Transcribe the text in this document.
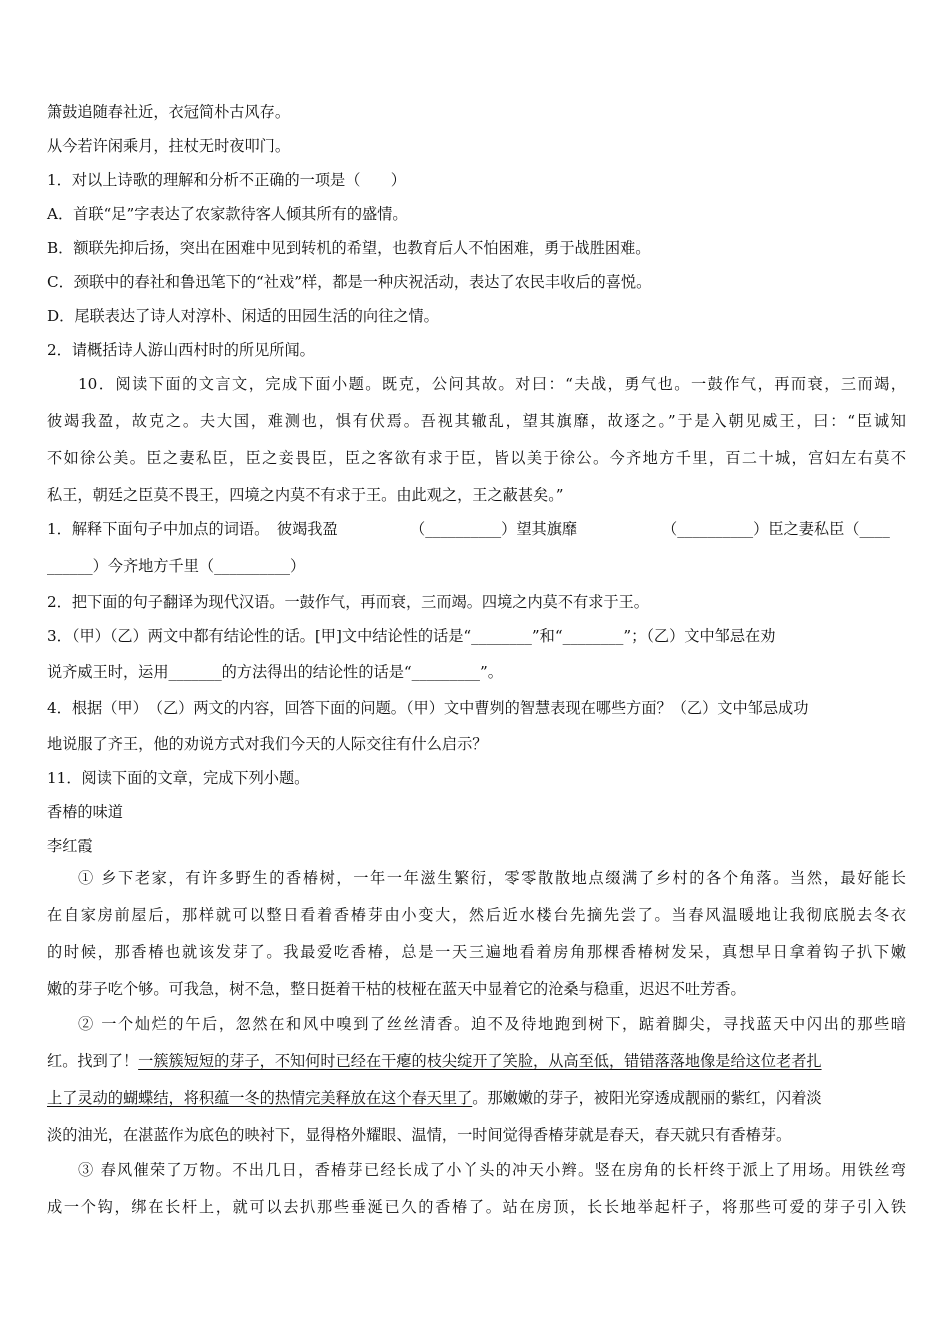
箫鼓追随春社近，衣冠简朴古风存。
从今若许闲乘月，拄杖无时夜叩门。
1．对以上诗歌的理解和分析不正确的一项是（　　）
A．首联“足”字表达了农家款待客人倾其所有的盛情。
B．额联先抑后扬，突出在困难中见到转机的希望，也教育后人不怕困难，勇于战胜困难。
C．颈联中的春社和鲁迅笔下的“社戏”样，都是一种庆祝活动，表达了农民丰收后的喜悦。
D．尾联表达了诗人对淳朴、闲适的田园生活的向往之情。
2．请概括诗人游山西村时的所见所闻。
10．阅读下面的文言文，完成下面小题。既克，公问其故。对曰：“夫战，勇气也。一鼓作气，再而衰，三而竭，
彼竭我盈，故克之。夫大国，难测也，惧有伏焉。吾视其辙乱，望其旗靡，故逐之。”于是入朝见威王，曰：“臣诚知
不如徐公美。臣之妻私臣，臣之妾畏臣，臣之客欲有求于臣，皆以美于徐公。今齐地方千里，百二十城，宫妇左右莫不
私王，朝廷之臣莫不畏王，四境之内莫不有求于王。由此观之，王之蔽甚矣。”
1．解释下面句子中加点的词语。　彼竭我盈	（__________）望其旗靡	（__________）臣之妻私臣（____
______）今齐地方千里（__________）
2．把下面的句子翻译为现代汉语。一鼓作气，再而衰，三而竭。四境之内莫不有求于王。
3．（甲）（乙）两文中都有结论性的话。[甲]文中结论性的话是“________”和“________”；（乙）文中邹忌在劝
说齐威王时，运用_______的方法得出的结论性的话是“_________”。
4．根据（甲）　（乙）两文的内容，回答下面的问题。（甲）文中曹刿的智慧表现在哪些方面？（乙）文中邹忌成功
地说服了齐王，他的劝说方式对我们今天的人际交往有什么启示？
11．阅读下面的文章，完成下列小题。
香椿的味道
李红霞
① 乡下老家，有许多野生的香椿树，一年一年滋生繁衍，零零散散地点缀满了乡村的各个角落。当然，最好能长
在自家房前屋后，那样就可以整日看着香椿芽由小变大，然后近水楼台先摘先尝了。当春风温暖地让我彻底脱去冬衣
的时候，那香椿也就该发芽了。我最爱吃香椿，总是一天三遍地看着房角那棵香椿树发呆，真想早日拿着钩子扒下嫩
嫩的芽子吃个够。可我急，树不急，整日挺着干枯的枝桠在蓝天中显着它的沧桑与稳重，迟迟不吐芳香。
② 一个灿烂的午后，忽然在和风中嗅到了丝丝清香。迫不及待地跑到树下，踮着脚尖，寻找蓝天中闪出的那些暗
红。找到了！一簇簇短短的芽子，不知何时已经在干瘪的枝尖绽开了笑脸，从高至低，错错落落地像是给这位老者扎
上了灵动的蝴蝶结，将积蕴一冬的热情完美释放在这个春天里了。那嫩嫩的芽子，被阳光穿透成靓丽的紫红，闪着淡
淡的油光，在湛蓝作为底色的映衬下，显得格外耀眼、温情，一时间觉得香椿芽就是春天，春天就只有香椿芽。
③ 春风催荣了万物。不出几日，香椿芽已经长成了小丫头的冲天小辫。竖在房角的长杆终于派上了用场。用铁丝弯
成一个钩，绑在长杆上，就可以去扒那些垂涎已久的香椿了。站在房顶，长长地举起杆子，将那些可爱的芽子引入铁
